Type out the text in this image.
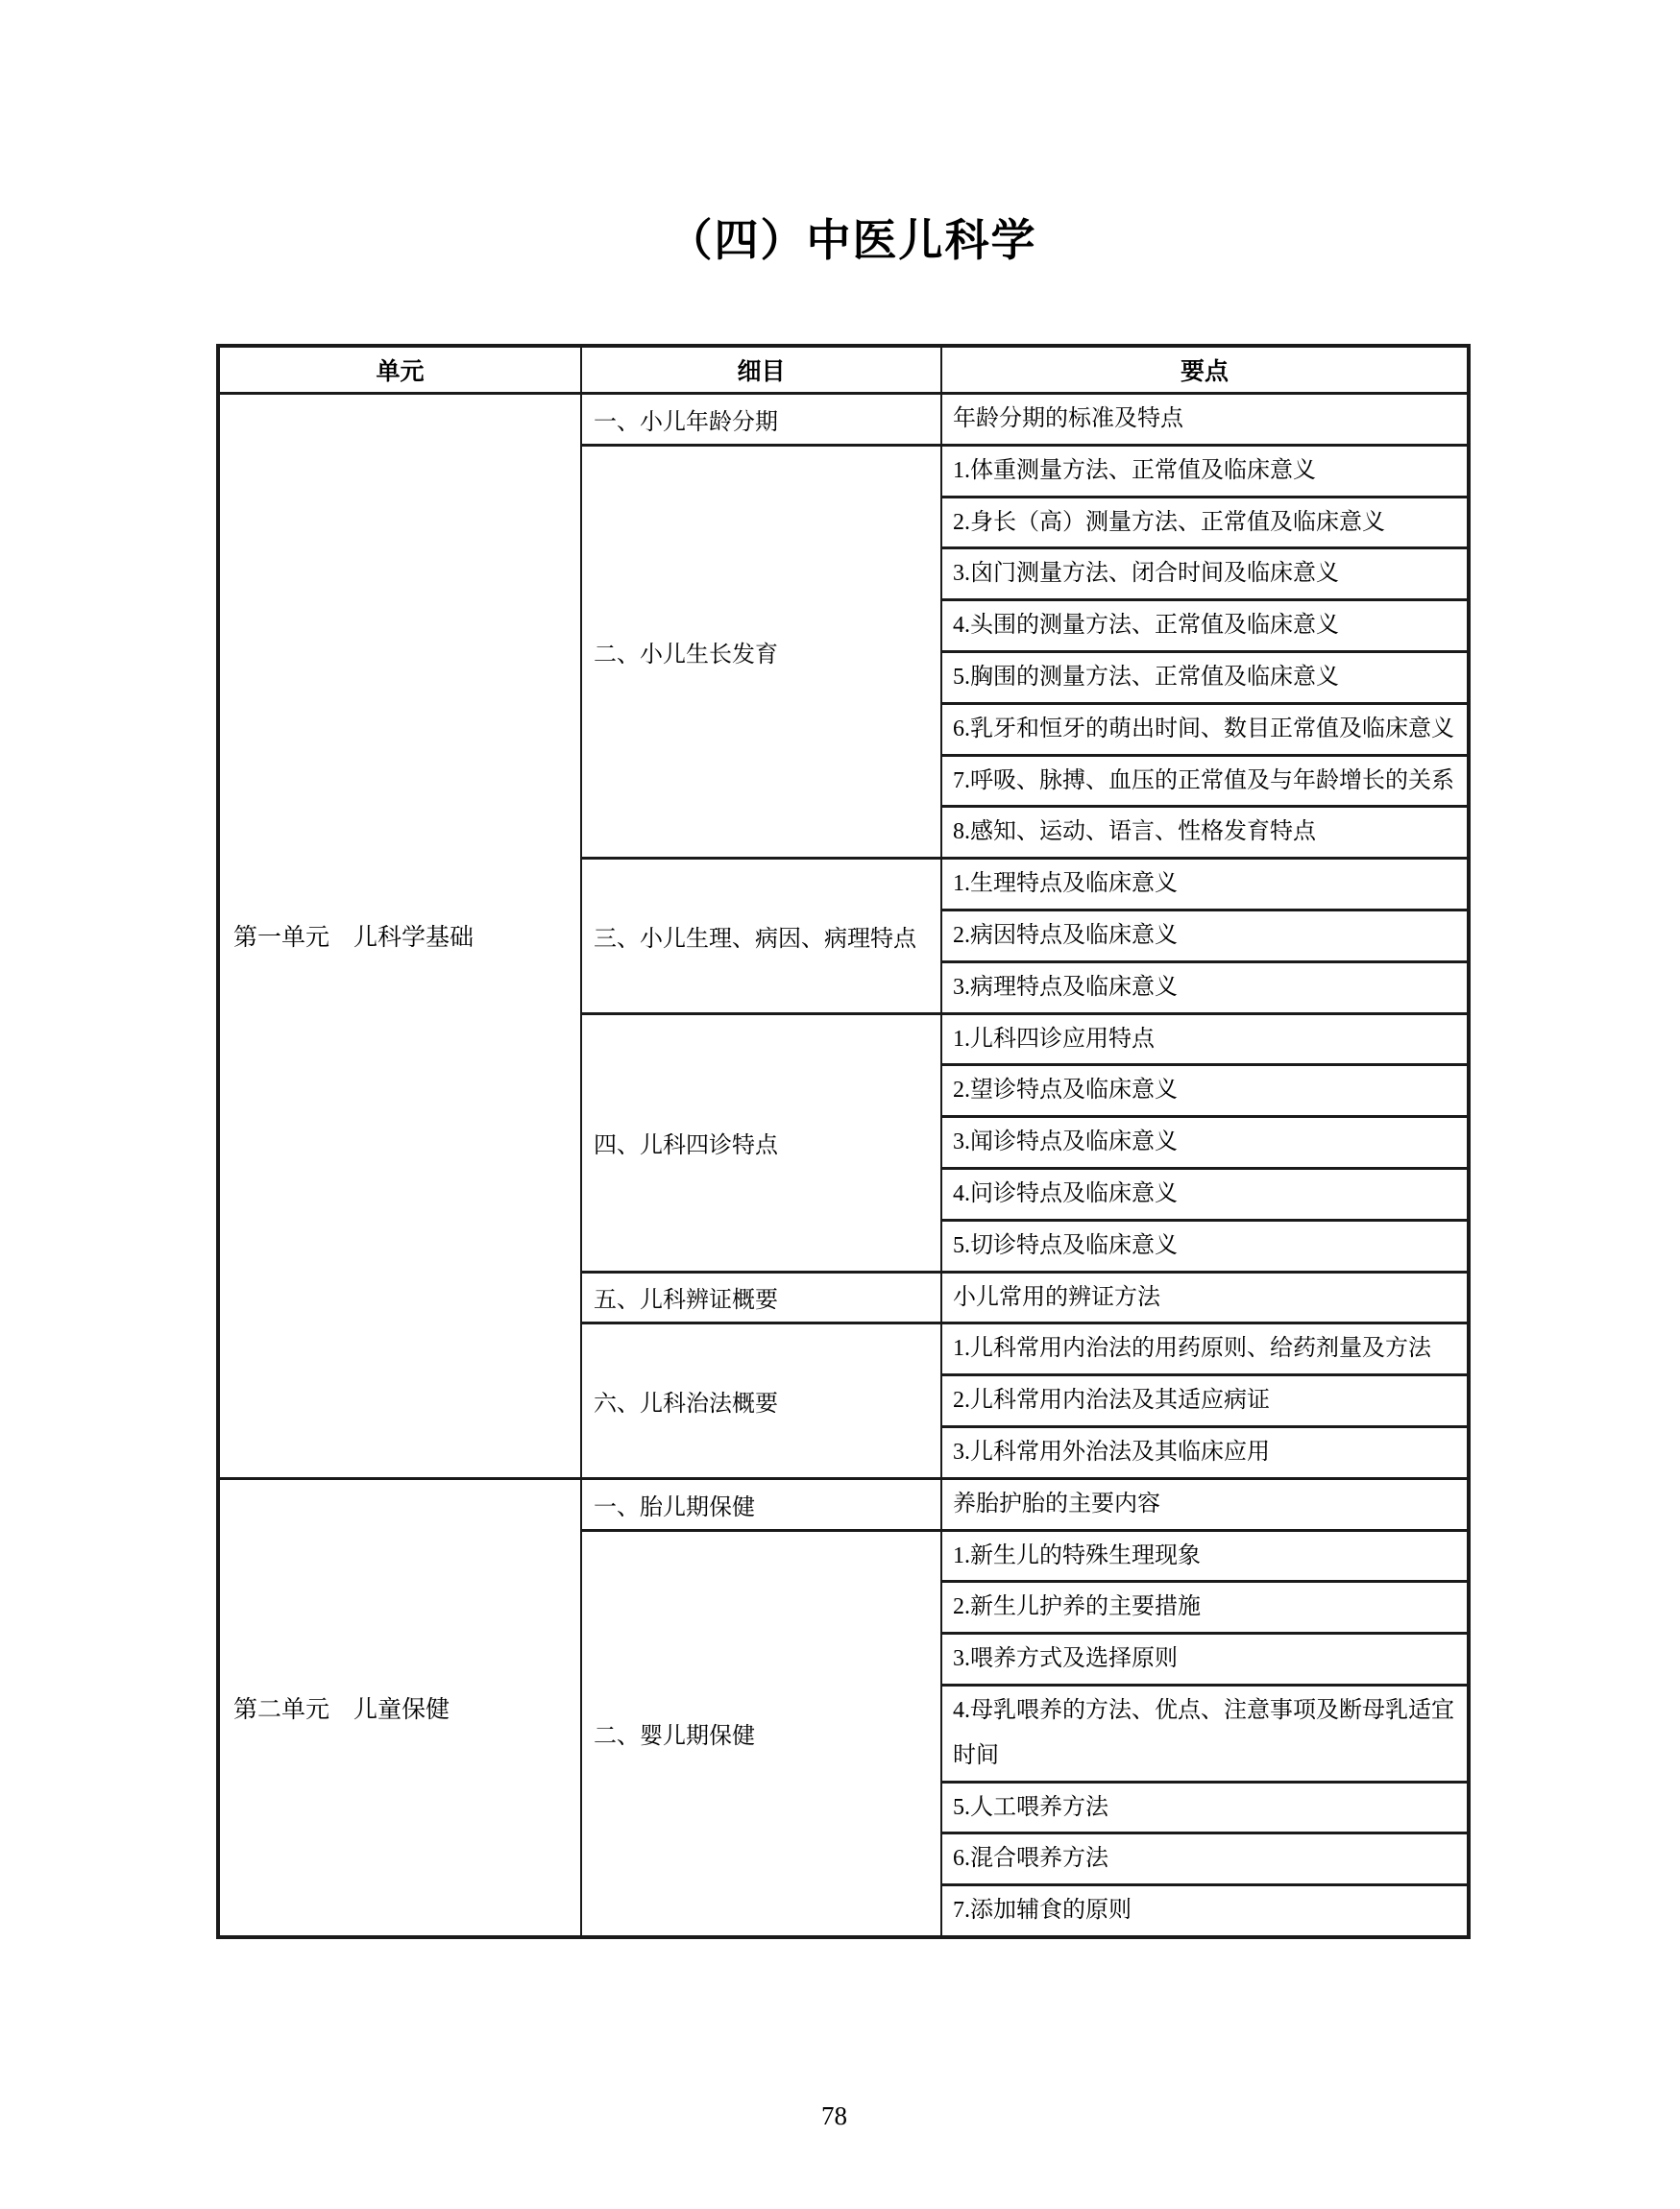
（四）中医儿科学
单元	细目	要点
第一单元　儿科学基础	一、小儿年龄分期	年龄分期的标准及特点
	二、小儿生长发育	1.体重测量方法、正常值及临床意义
		2.身长（高）测量方法、正常值及临床意义
		3.囟门测量方法、闭合时间及临床意义
		4.头围的测量方法、正常值及临床意义
		5.胸围的测量方法、正常值及临床意义
		6.乳牙和恒牙的萌出时间、数目正常值及临床意义
		7.呼吸、脉搏、血压的正常值及与年龄增长的关系
		8.感知、运动、语言、性格发育特点
	三、小儿生理、病因、病理特点	1.生理特点及临床意义
		2.病因特点及临床意义
		3.病理特点及临床意义
	四、儿科四诊特点	1.儿科四诊应用特点
		2.望诊特点及临床意义
		3.闻诊特点及临床意义
		4.问诊特点及临床意义
		5.切诊特点及临床意义
	五、儿科辨证概要	小儿常用的辨证方法
	六、儿科治法概要	1.儿科常用内治法的用药原则、给药剂量及方法
		2.儿科常用内治法及其适应病证
		3.儿科常用外治法及其临床应用
第二单元　儿童保健	一、胎儿期保健	养胎护胎的主要内容
	二、婴儿期保健	1.新生儿的特殊生理现象
		2.新生儿护养的主要措施
		3.喂养方式及选择原则
		4.母乳喂养的方法、优点、注意事项及断母乳适宜时间
		5.人工喂养方法
		6.混合喂养方法
		7.添加辅食的原则
78
